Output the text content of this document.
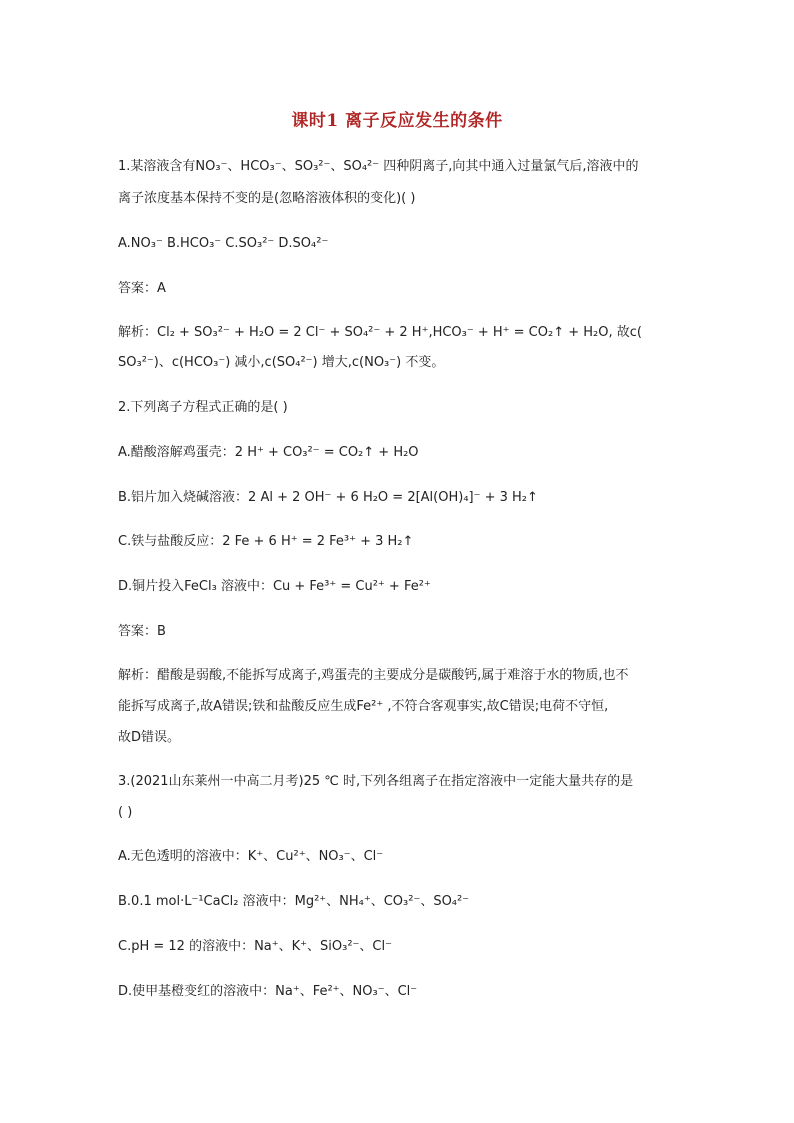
课时1 离子反应发生的条件
1.某溶液含有NO₃⁻、HCO₃⁻、SO₃²⁻、SO₄²⁻ 四种阴离子,向其中通入过量氯气后,溶液中的
离子浓度基本保持不变的是(忽略溶液体积的变化)( )
A.NO₃⁻ B.HCO₃⁻ C.SO₃²⁻ D.SO₄²⁻
答案：A
解析：Cl₂ + SO₃²⁻ + H₂O = 2 Cl⁻ + SO₄²⁻ + 2 H⁺,HCO₃⁻ + H⁺ = CO₂↑ + H₂O, 故c(
SO₃²⁻)、c(HCO₃⁻) 减小,c(SO₄²⁻) 增大,c(NO₃⁻) 不变。
2.下列离子方程式正确的是( )
A.醋酸溶解鸡蛋壳：2 H⁺ + CO₃²⁻ = CO₂↑ + H₂O
B.铝片加入烧碱溶液：2 Al + 2 OH⁻ + 6 H₂O = 2[Al(OH)₄]⁻ + 3 H₂↑
C.铁与盐酸反应：2 Fe + 6 H⁺ = 2 Fe³⁺ + 3 H₂↑
D.铜片投入FeCl₃ 溶液中：Cu + Fe³⁺ = Cu²⁺ + Fe²⁺
答案：B
解析：醋酸是弱酸,不能拆写成离子,鸡蛋壳的主要成分是碳酸钙,属于难溶于水的物质,也不
能拆写成离子,故A错误;铁和盐酸反应生成Fe²⁺ ,不符合客观事实,故C错误;电荷不守恒,
故D错误。
3.(2021山东莱州一中高二月考)25 ℃ 时,下列各组离子在指定溶液中一定能大量共存的是
( )
A.无色透明的溶液中：K⁺、Cu²⁺、NO₃⁻、Cl⁻
B.0.1 mol·L⁻¹CaCl₂ 溶液中：Mg²⁺、NH₄⁺、CO₃²⁻、SO₄²⁻
C.pH = 12 的溶液中：Na⁺、K⁺、SiO₃²⁻、Cl⁻
D.使甲基橙变红的溶液中：Na⁺、Fe²⁺、NO₃⁻、Cl⁻
